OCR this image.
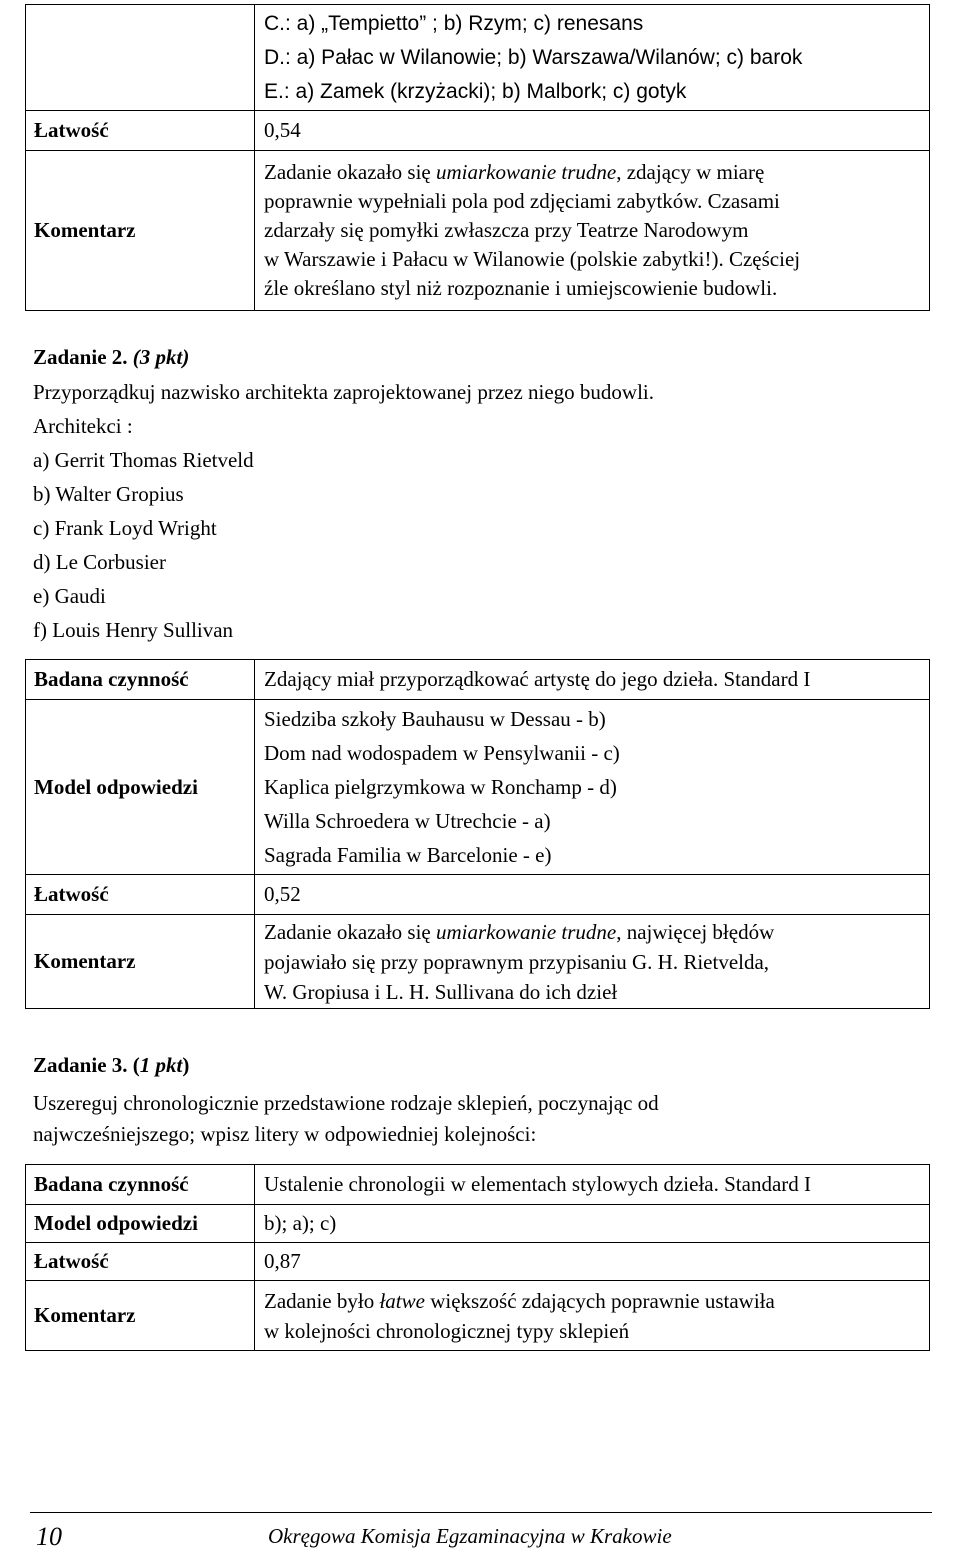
	C.: a) „Tempietto” ; b) Rzym; c) renesans
D.: a) Pałac w Wilanowie; b) Warszawa/Wilanów; c) barok
E.: a) Zamek (krzyżacki); b) Malbork; c) gotyk

Łatwość	0,54
Komentarz	Zadanie okazało się umiarkowanie trudne, zdający w miarę
poprawnie wypełniali pola pod zdjęciami zabytków. Czasami
zdarzały się pomyłki zwłaszcza przy Teatrze Narodowym
w Warszawie i Pałacu w Wilanowie (polskie zabytki!). Częściej
źle określano styl niż rozpoznanie i umiejscowienie budowli.
Zadanie 2. (3 pkt)
Przyporządkuj nazwisko architekta zaprojektowanej przez niego budowli.
Architekci :
a) Gerrit Thomas Rietveld
b) Walter Gropius
c) Frank Loyd Wright
d) Le Corbusier
e) Gaudi
f) Louis Henry Sullivan
Badana czynność	Zdający miał przyporządkować artystę do jego dzieła. Standard I
Model odpowiedzi	Siedziba szkoły Bauhausu w Dessau - b)
Dom nad wodospadem w Pensylwanii - c)
Kaplica pielgrzymkowa w Ronchamp - d)
Willa Schroedera w Utrechcie - a)
Sagrada Familia w Barcelonie - e)

Łatwość	0,52
Komentarz	Zadanie okazało się umiarkowanie trudne, najwięcej błędów
pojawiało się przy poprawnym przypisaniu G. H. Rietvelda,
W. Gropiusa i L. H. Sullivana do ich dzieł
Zadanie 3. (1 pkt)
Uszereguj chronologicznie przedstawione rodzaje sklepień, poczynając od
najwcześniejszego; wpisz litery w odpowiedniej kolejności:
Badana czynność	Ustalenie chronologii w elementach stylowych dzieła. Standard I
Model odpowiedzi	b); a); c)
Łatwość	0,87
Komentarz	Zadanie było łatwe większość zdających poprawnie ustawiła
w kolejności chronologicznej typy sklepień
10	Okręgowa Komisja Egzaminacyjna w Krakowie
